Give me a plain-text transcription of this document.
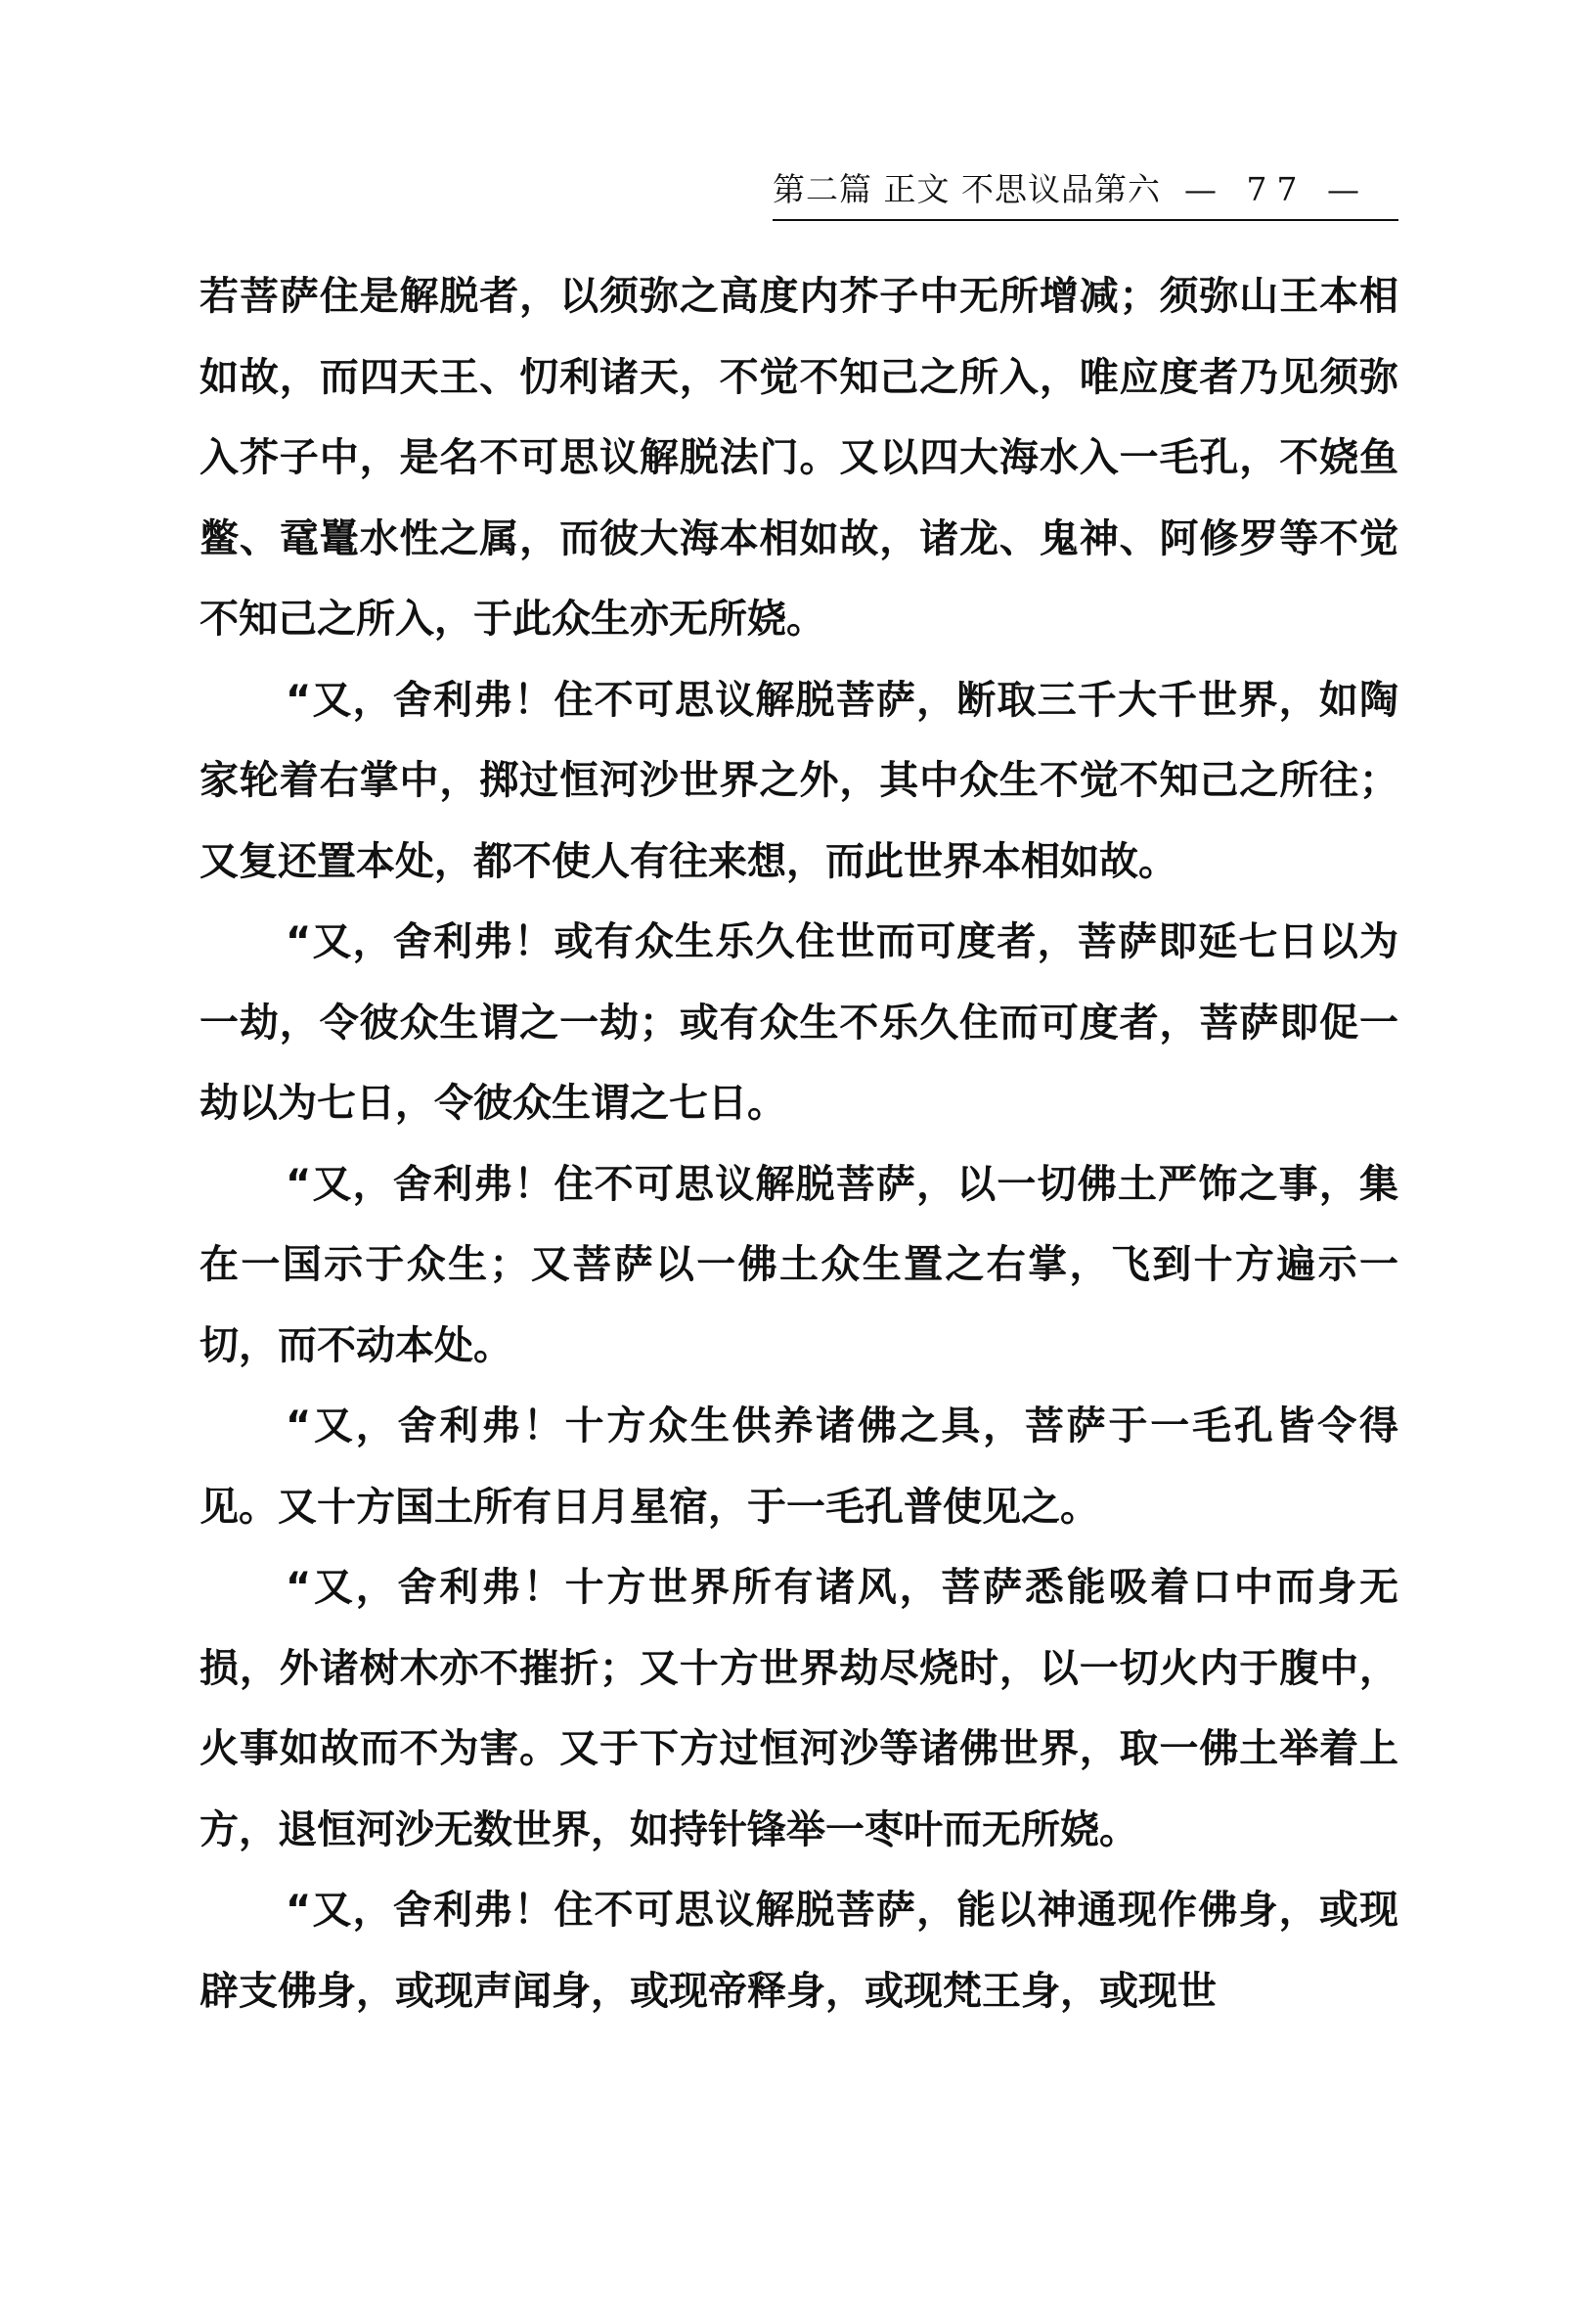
第二篇 正文 不思议品第六 — 77 —

若菩萨住是解脱者，以须弥之高度内芥子中无所增减；须弥山王本相如故，而四天王、忉利诸天，不觉不知己之所入，唯应度者乃见须弥入芥子中，是名不可思议解脱法门。又以四大海水入一毛孔，不娆鱼鳖、鼋鼍水性之属，而彼大海本相如故，诸龙、鬼神、阿修罗等不觉不知己之所入，于此众生亦无所娆。

“又，舍利弗！住不可思议解脱菩萨，断取三千大千世界，如陶家轮着右掌中，掷过恒河沙世界之外，其中众生不觉不知己之所往；又复还置本处，都不使人有往来想，而此世界本相如故。

“又，舍利弗！或有众生乐久住世而可度者，菩萨即延七日以为一劫，令彼众生谓之一劫；或有众生不乐久住而可度者，菩萨即促一劫以为七日，令彼众生谓之七日。

“又，舍利弗！住不可思议解脱菩萨，以一切佛土严饰之事，集在一国示于众生；又菩萨以一佛土众生置之右掌，飞到十方遍示一切，而不动本处。

“又，舍利弗！十方众生供养诸佛之具，菩萨于一毛孔皆令得见。又十方国土所有日月星宿，于一毛孔普使见之。

“又，舍利弗！十方世界所有诸风，菩萨悉能吸着口中而身无损，外诸树木亦不摧折；又十方世界劫尽烧时，以一切火内于腹中，火事如故而不为害。又于下方过恒河沙等诸佛世界，取一佛土举着上方，退恒河沙无数世界，如持针锋举一枣叶而无所娆。

“又，舍利弗！住不可思议解脱菩萨，能以神通现作佛身，或现辟支佛身，或现声闻身，或现帝释身，或现梵王身，或现世
